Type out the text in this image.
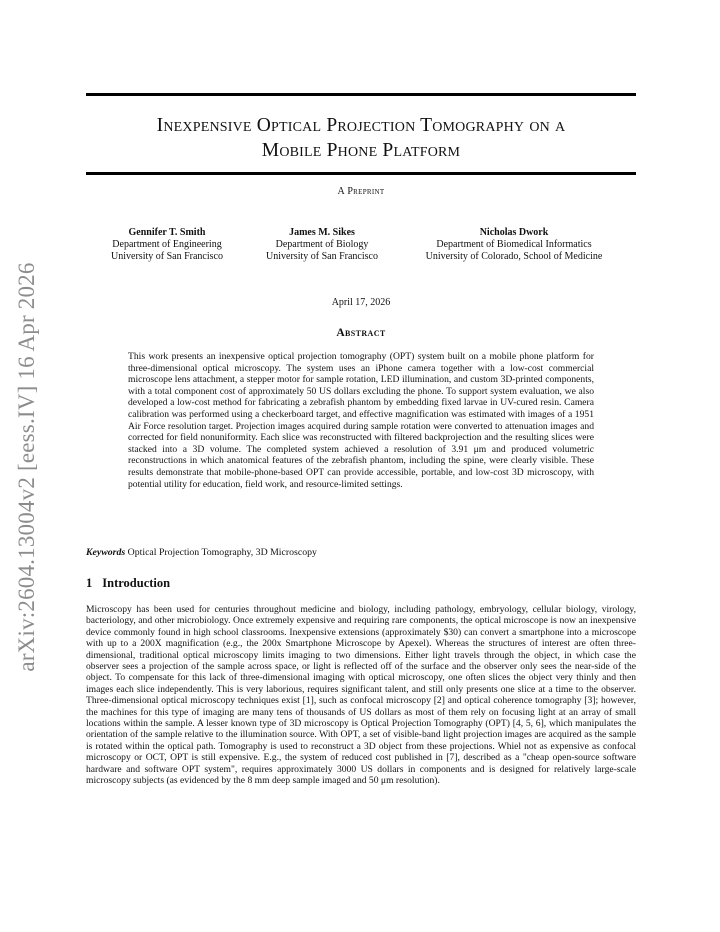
arXiv:2604.13004v2 [eess.IV] 16 Apr 2026
Inexpensive Optical Projection Tomography on a
Mobile Phone Platform
A Preprint
Gennifer T. Smith
Department of Engineering
University of San Francisco
James M. Sikes
Department of Biology
University of San Francisco
Nicholas Dwork
Department of Biomedical Informatics
University of Colorado, School of Medicine
April 17, 2026
Abstract
This work presents an inexpensive optical projection tomography (OPT) system built on a mobile phone platform for three-dimensional optical microscopy. The system uses an iPhone camera together with a low-cost commercial microscope lens attachment, a stepper motor for sample rotation, LED illumination, and custom 3D-printed components, with a total component cost of approximately 50 US dollars excluding the phone. To support system evaluation, we also developed a low-cost method for fabricating a zebrafish phantom by embedding fixed larvae in UV-cured resin. Camera calibration was performed using a checkerboard target, and effective magnification was estimated with images of a 1951 Air Force resolution target. Projection images acquired during sample rotation were converted to attenuation images and corrected for field nonuniformity. Each slice was reconstructed with filtered backprojection and the resulting slices were stacked into a 3D volume. The completed system achieved a resolution of 3.91 μm and produced volumetric reconstructions in which anatomical features of the zebrafish phantom, including the spine, were clearly visible. These results demonstrate that mobile-phone-based OPT can provide accessible, portable, and low-cost 3D microscopy, with potential utility for education, field work, and resource-limited settings.
Keywords Optical Projection Tomography, 3D Microscopy
1 Introduction
Microscopy has been used for centuries throughout medicine and biology, including pathology, embryology, cellular biology, virology, bacteriology, and other microbiology. Once extremely expensive and requiring rare components, the optical microscope is now an inexpensive device commonly found in high school classrooms. Inexpensive extensions (approximately $30) can convert a smartphone into a microscope with up to a 200X magnification (e.g., the 200x Smartphone Microscope by Apexel). Whereas the structures of interest are often three-dimensional, traditional optical microscopy limits imaging to two dimensions. Either light travels through the object, in which case the observer sees a projection of the sample across space, or light is reflected off of the surface and the observer only sees the near-side of the object. To compensate for this lack of three-dimensional imaging with optical microscopy, one often slices the object very thinly and then images each slice independently. This is very laborious, requires significant talent, and still only presents one slice at a time to the observer. Three-dimensional optical microscopy techniques exist [1], such as confocal microscopy [2] and optical coherence tomography [3]; however, the machines for this type of imaging are many tens of thousands of US dollars as most of them rely on focusing light at an array of small locations within the sample. A lesser known type of 3D microscopy is Optical Projection Tomography (OPT) [4, 5, 6], which manipulates the orientation of the sample relative to the illumination source. With OPT, a set of visible-band light projection images are acquired as the sample is rotated within the optical path. Tomography is used to reconstruct a 3D object from these projections. Whiel not as expensive as confocal microscopy or OCT, OPT is still expensive. E.g., the system of reduced cost published in [7], described as a "cheap open-source software hardware and software OPT system", requires approximately 3000 US dollars in components and is designed for relatively large-scale microscopy subjects (as evidenced by the 8 mm deep sample imaged and 50 μm resolution).
